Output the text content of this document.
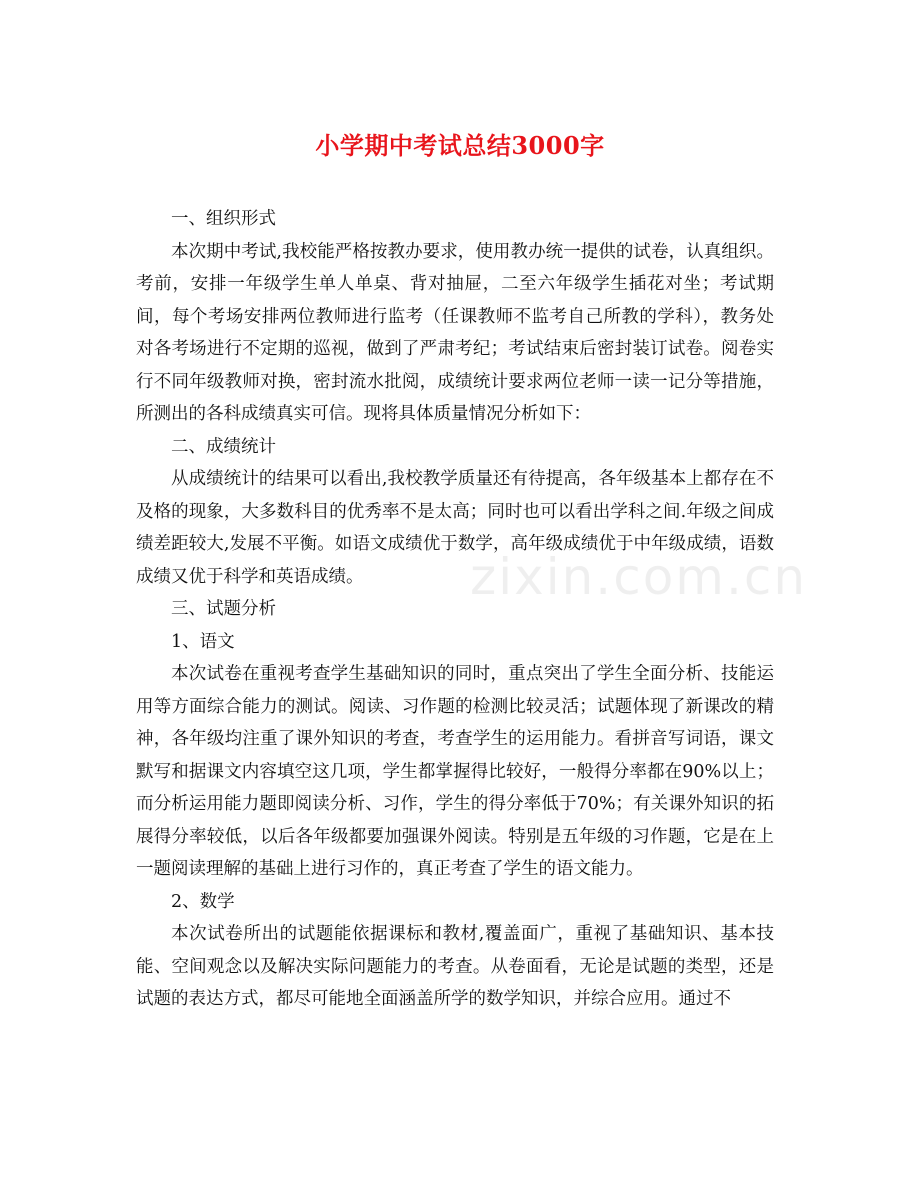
小学期中考试总结3000字
zixin.com.cn

一、组织形式

本次期中考试,我校能严格按教办要求，使用教办统一提供的试卷，认真组织。考前，安排一年级学生单人单桌、背对抽屉，二至六年级学生插花对坐；考试期间，每个考场安排两位教师进行监考（任课教师不监考自己所教的学科），教务处对各考场进行不定期的巡视，做到了严肃考纪；考试结束后密封装订试卷。阅卷实行不同年级教师对换，密封流水批阅，成绩统计要求两位老师一读一记分等措施，所测出的各科成绩真实可信。现将具体质量情况分析如下：

二、成绩统计

从成绩统计的结果可以看出,我校教学质量还有待提高，各年级基本上都存在不及格的现象，大多数科目的优秀率不是太高；同时也可以看出学科之间.年级之间成绩差距较大,发展不平衡。如语文成绩优于数学，高年级成绩优于中年级成绩，语数成绩又优于科学和英语成绩。

三、试题分析

1、语文

本次试卷在重视考查学生基础知识的同时，重点突出了学生全面分析、技能运用等方面综合能力的测试。阅读、习作题的检测比较灵活；试题体现了新课改的精神，各年级均注重了课外知识的考查，考查学生的运用能力。看拼音写词语，课文默写和据课文内容填空这几项，学生都掌握得比较好，一般得分率都在90%以上；而分析运用能力题即阅读分析、习作，学生的得分率低于70%；有关课外知识的拓展得分率较低，以后各年级都要加强课外阅读。特别是五年级的习作题，它是在上一题阅读理解的基础上进行习作的，真正考查了学生的语文能力。

2、数学

本次试卷所出的试题能依据课标和教材,覆盖面广，重视了基础知识、基本技能、空间观念以及解决实际问题能力的考查。从卷面看，无论是试题的类型，还是试题的表达方式，都尽可能地全面涵盖所学的数学知识，并综合应用。通过不
